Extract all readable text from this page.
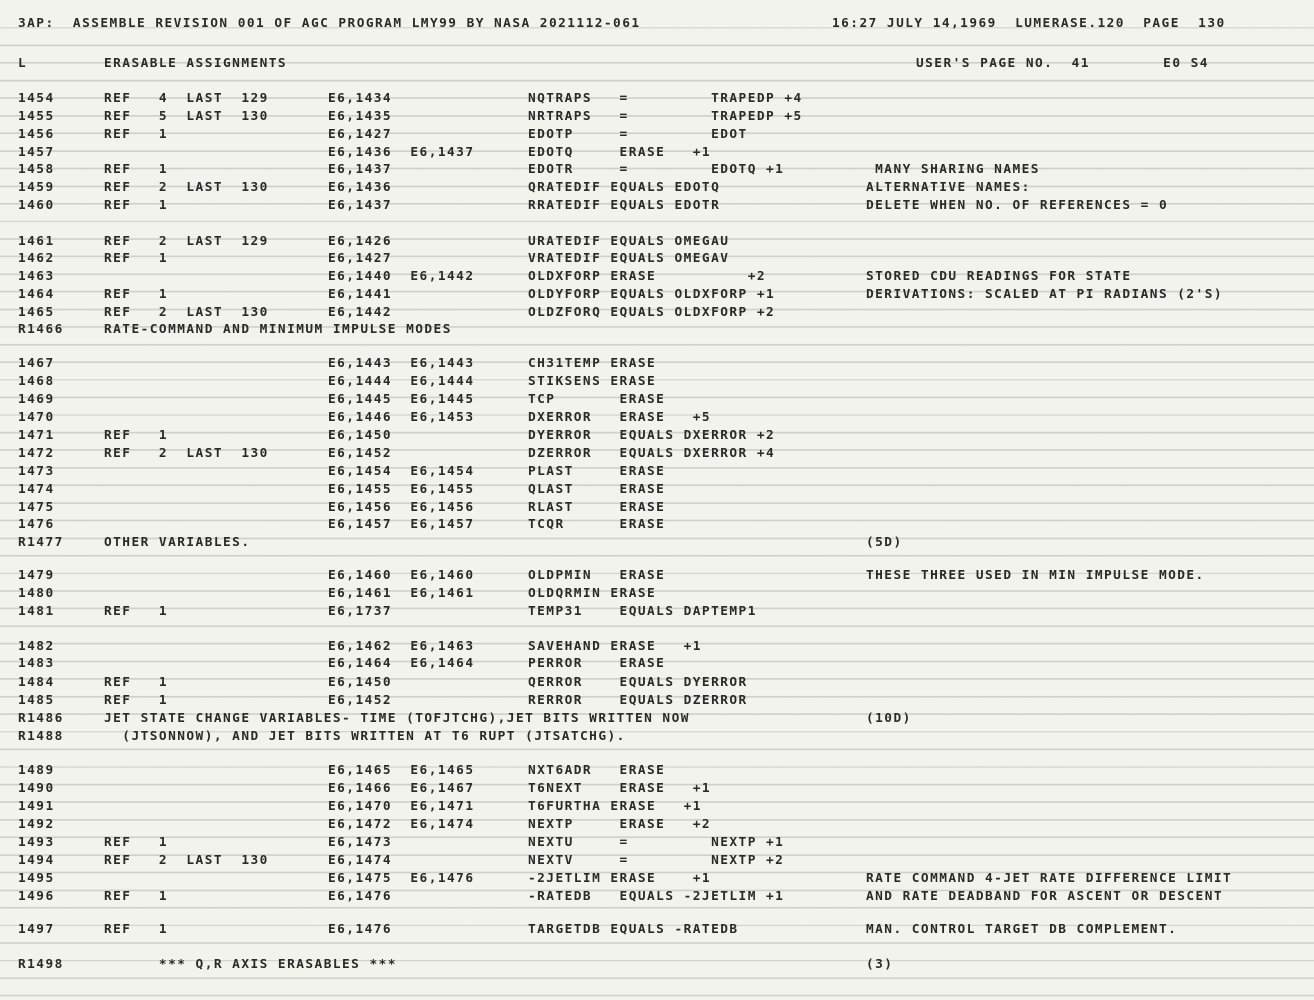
3AP:  ASSEMBLE REVISION 001 OF AGC PROGRAM LMY99 BY NASA 2021112-061

	16:27 JULY 14,1969  LUMERASE.120  PAGE  130

L

	ERASABLE ASSIGNMENTS

	USER'S PAGE NO.  41        E0 S4

1454	REF   4  LAST  129	E6,1434	NQTRAPS   =         TRAPEDP +4
1455	REF   5  LAST  130	E6,1435	NRTRAPS   =         TRAPEDP +5
1456	REF   1	E6,1427	EDOTP     =         EDOT
1457	E6,1436  E6,1437	EDOTQ     ERASE   +1
1458	REF   1	E6,1437	EDOTR     =         EDOTQ +1	MANY SHARING NAMES
1459	REF   2  LAST  130	E6,1436	QRATEDIF EQUALS EDOTQ	ALTERNATIVE NAMES:
1460	REF   1	E6,1437	RRATEDIF EQUALS EDOTR	DELETE WHEN NO. OF REFERENCES = 0
1461	REF   2  LAST  129	E6,1426	URATEDIF EQUALS OMEGAU
1462	REF   1	E6,1427	VRATEDIF EQUALS OMEGAV
1463	E6,1440  E6,1442	OLDXFORP ERASE          +2	STORED CDU READINGS FOR STATE
1464	REF   1	E6,1441	OLDYFORP EQUALS OLDXFORP +1	DERIVATIONS: SCALED AT PI RADIANS (2'S)
1465	REF   2  LAST  130	E6,1442	OLDZFORQ EQUALS OLDXFORP +2
R1466	RATE-COMMAND AND MINIMUM IMPULSE MODES
1467	E6,1443  E6,1443	CH31TEMP ERASE
1468	E6,1444  E6,1444	STIKSENS ERASE
1469	E6,1445  E6,1445	TCP       ERASE
1470	E6,1446  E6,1453	DXERROR   ERASE   +5
1471	REF   1	E6,1450	DYERROR   EQUALS DXERROR +2
1472	REF   2  LAST  130	E6,1452	DZERROR   EQUALS DXERROR +4
1473	E6,1454  E6,1454	PLAST     ERASE
1474	E6,1455  E6,1455	QLAST     ERASE
1475	E6,1456  E6,1456	RLAST     ERASE
1476	E6,1457  E6,1457	TCQR      ERASE
R1477	OTHER VARIABLES.	(5D)
1479	E6,1460  E6,1460	OLDPMIN   ERASE	THESE THREE USED IN MIN IMPULSE MODE.
1480	E6,1461  E6,1461	OLDQRMIN ERASE
1481	REF   1	E6,1737	TEMP31    EQUALS DAPTEMP1
1482	E6,1462  E6,1463	SAVEHAND ERASE   +1
1483	E6,1464  E6,1464	PERROR    ERASE
1484	REF   1	E6,1450	QERROR    EQUALS DYERROR
1485	REF   1	E6,1452	RERROR    EQUALS DZERROR
R1486	JET STATE CHANGE VARIABLES- TIME (TOFJTCHG),JET BITS WRITTEN NOW	(10D)
R1488	(JTSONNOW), AND JET BITS WRITTEN AT T6 RUPT (JTSATCHG).
1489	E6,1465  E6,1465	NXT6ADR   ERASE
1490	E6,1466  E6,1467	T6NEXT    ERASE   +1
1491	E6,1470  E6,1471	T6FURTHA ERASE   +1
1492	E6,1472  E6,1474	NEXTP     ERASE   +2
1493	REF   1	E6,1473	NEXTU     =         NEXTP +1
1494	REF   2  LAST  130	E6,1474	NEXTV     =         NEXTP +2
1495	E6,1475  E6,1476	-2JETLIM ERASE    +1	RATE COMMAND 4-JET RATE DIFFERENCE LIMIT
1496	REF   1	E6,1476	-RATEDB   EQUALS -2JETLIM +1	AND RATE DEADBAND FOR ASCENT OR DESCENT
1497	REF   1	E6,1476	TARGETDB EQUALS -RATEDB	MAN. CONTROL TARGET DB COMPLEMENT.
R1498	*** Q,R AXIS ERASABLES ***	(3)
